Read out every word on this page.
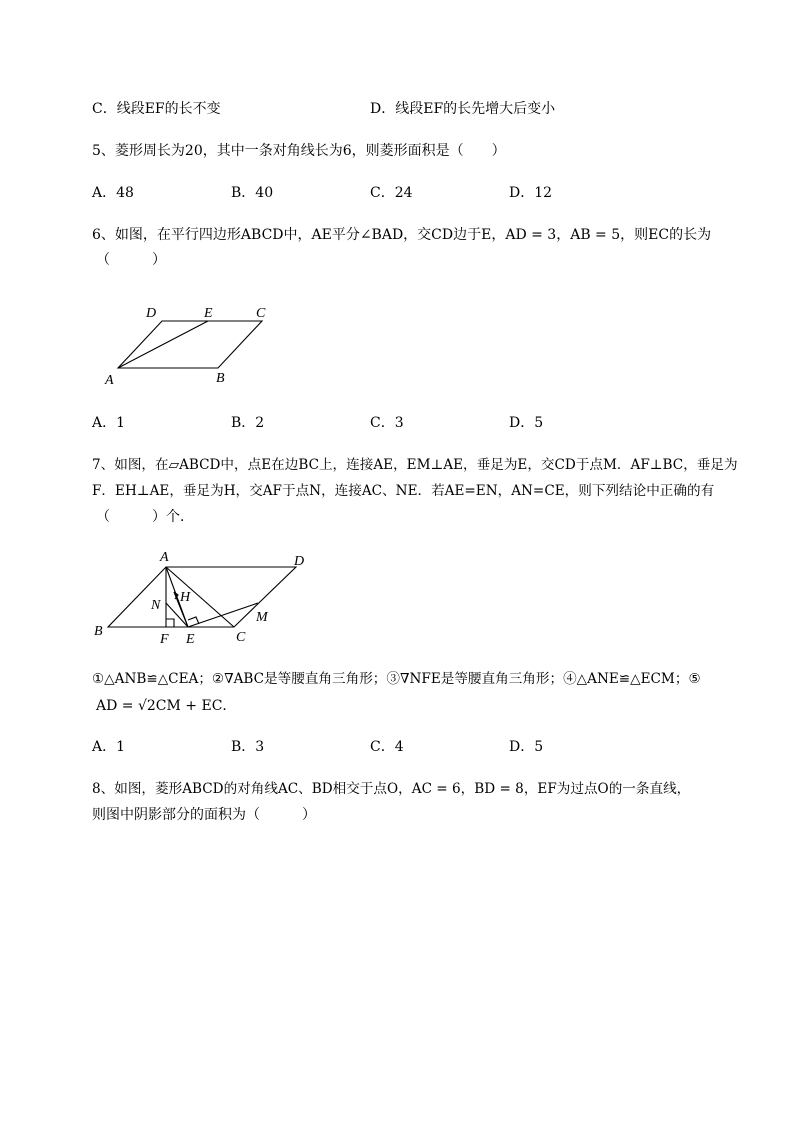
C．线段EF的长不变	D．线段EF的长先增大后变小
5、菱形周长为20，其中一条对角线长为6，则菱形面积是（　　）
A．48	B．40	C．24	D．12
6、如图，在平行四边形ABCD中，AE平分∠BAD，交CD边于E，AD = 3，AB = 5，则EC的长为
（　　　）
D	E	C
A	B
A．1	B．2	C．3	D．5
7、如图，在▱ABCD中，点E在边BC上，连接AE，EM⊥AE，垂足为E，交CD于点M．AF⊥BC，垂足为
F．EH⊥AE，垂足为H，交AF于点N，连接AC、NE．若AE=EN，AN=CE，则下列结论中正确的有
（　　　）个．
A	D
H
N
M
B
F E	C
①△ANB≌△CEA；②∇ABC是等腰直角三角形；③∇NFE是等腰直角三角形；④△ANE≌△ECM；⑤
AD = √2CM + EC．
A．1	B．3	C．4	D．5
8、如图，菱形ABCD的对角线AC、BD相交于点O，AC = 6，BD = 8，EF为过点O的一条直线，
则图中阴影部分的面积为（　　　）
